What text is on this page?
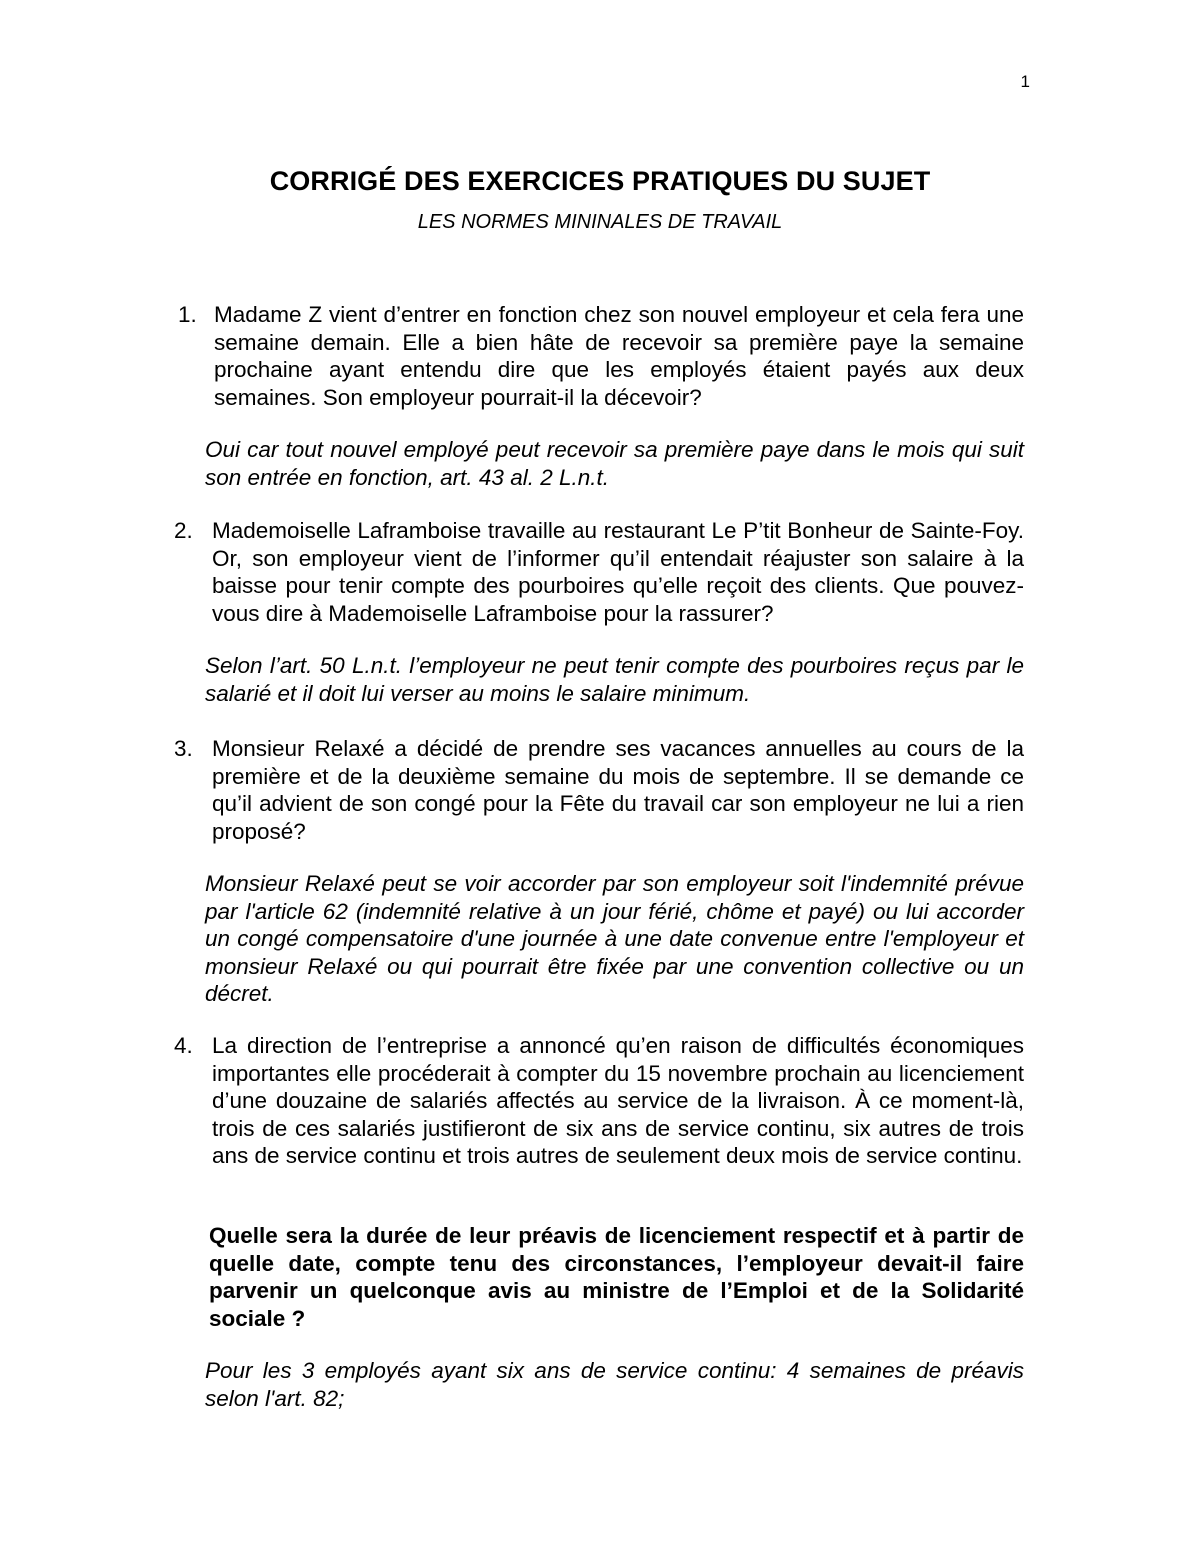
1
CORRIGÉ DES EXERCICES PRATIQUES DU SUJET
LES NORMES MININALES DE TRAVAIL
1. Madame Z vient d’entrer en fonction chez son nouvel employeur et cela fera une semaine demain. Elle a bien hâte de recevoir sa première paye la semaine prochaine ayant entendu dire que les employés étaient payés aux deux semaines. Son employeur pourrait-il la décevoir?
Oui car tout nouvel employé peut recevoir sa première paye dans le mois qui suit son entrée en fonction, art. 43 al. 2 L.n.t.
2. Mademoiselle Laframboise travaille au restaurant Le P’tit Bonheur de Sainte-Foy. Or, son employeur vient de l’informer qu’il entendait réajuster son salaire à la baisse pour tenir compte des pourboires qu’elle reçoit des clients. Que pouvez-vous dire à Mademoiselle Laframboise pour la rassurer?
Selon l’art. 50 L.n.t. l’employeur ne peut tenir compte des pourboires reçus par le salarié et il doit lui verser au moins le salaire minimum.
3. Monsieur Relaxé a décidé de prendre ses vacances annuelles au cours de la première et de la deuxième semaine du mois de septembre. Il se demande ce qu’il advient de son congé pour la Fête du travail car son employeur ne lui a rien proposé?
Monsieur Relaxé peut se voir accorder par son employeur soit l'indemnité prévue par l'article 62 (indemnité relative à un jour férié, chôme et payé) ou lui accorder un congé compensatoire d'une journée à une date convenue entre l'employeur et monsieur Relaxé ou qui pourrait être fixée par une convention collective ou un décret.
4. La direction de l’entreprise a annoncé qu’en raison de difficultés économiques importantes elle procéderait à compter du 15 novembre prochain au licenciement d’une douzaine de salariés affectés au service de la livraison. À ce moment-là, trois de ces salariés justifieront de six ans de service continu, six autres de trois ans de service continu et trois autres de seulement deux mois de service continu.
Quelle sera la durée de leur préavis de licenciement respectif et à partir de quelle date, compte tenu des circonstances, l’employeur devait-il faire parvenir un quelconque avis au ministre de l’Emploi et de la Solidarité sociale ?
Pour les 3 employés ayant six ans de service continu: 4 semaines de préavis selon l'art. 82;
